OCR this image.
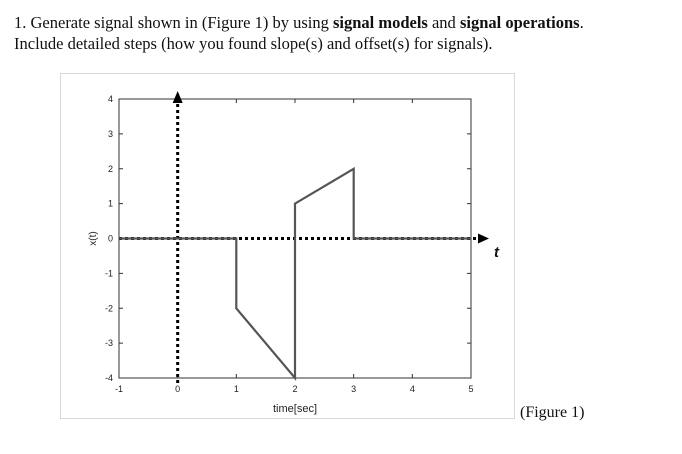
1. Generate signal shown in (Figure 1) by using signal models and signal operations.
Include detailed steps (how you found slope(s) and offset(s) for signals).
-1	0	1	2	3	4	5
-4
-3
-2
-1
0
1
2
3
4
time[sec]
x(t)
t
(Figure 1)
